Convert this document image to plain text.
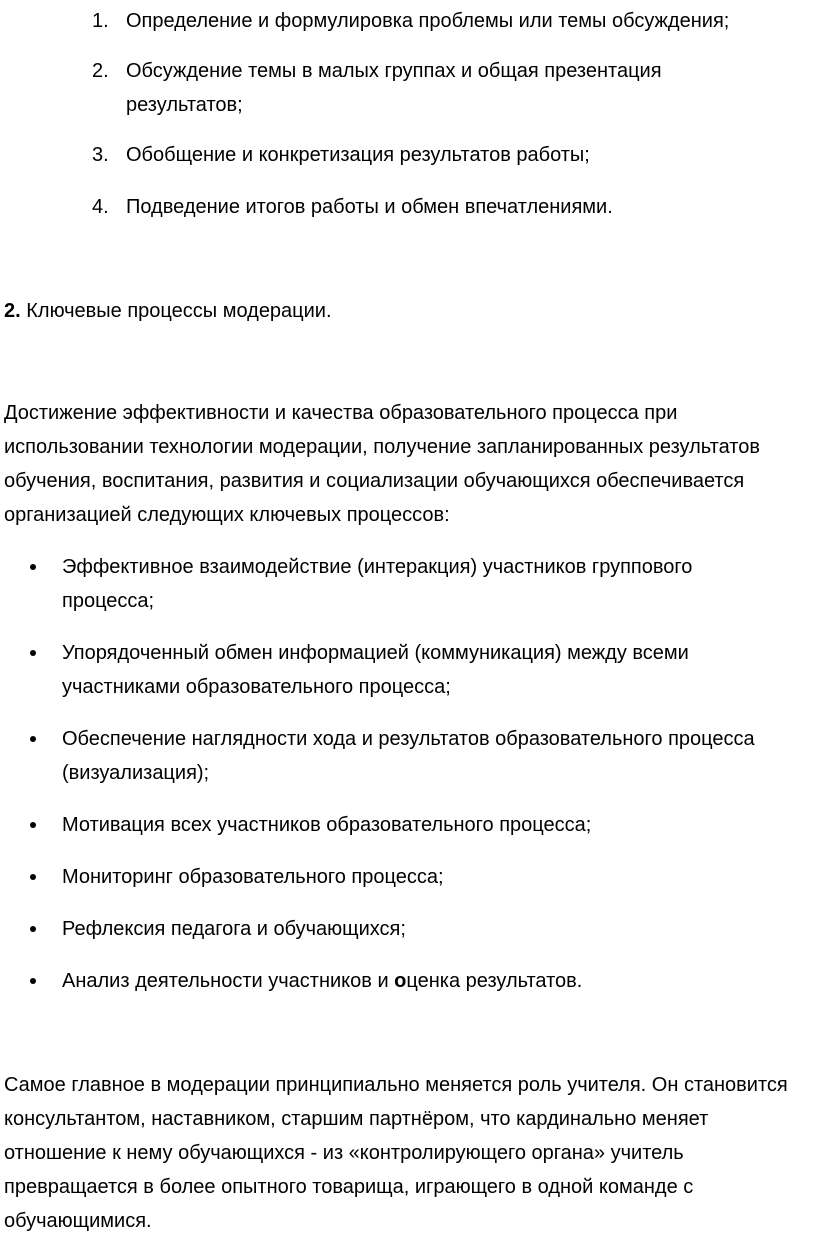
1. Определение и формулировка проблемы или темы обсуждения;
2. Обсуждение темы в малых группах и общая презентация результатов;
3. Обобщение и конкретизация результатов работы;
4. Подведение итогов работы и обмен впечатлениями.
2. Ключевые процессы модерации.
Достижение эффективности и качества образовательного процесса при использовании технологии модерации, получение запланированных результатов обучения, воспитания, развития и социализации обучающихся обеспечивается организацией следующих ключевых процессов:
Эффективное взаимодействие (интеракция) участников группового процесса;
Упорядоченный обмен информацией (коммуникация) между всеми участниками образовательного процесса;
Обеспечение наглядности хода и результатов образовательного процесса (визуализация);
Мотивация всех участников образовательного процесса;
Мониторинг образовательного процесса;
Рефлексия педагога и обучающихся;
Анализ деятельности участников и оценка результатов.
Самое главное в модерации принципиально меняется роль учителя. Он становится консультантом, наставником, старшим партнёром, что кардинально меняет отношение к нему обучающихся - из «контролирующего органа» учитель превращается в более опытного товарища, играющего в одной команде с обучающимися.
